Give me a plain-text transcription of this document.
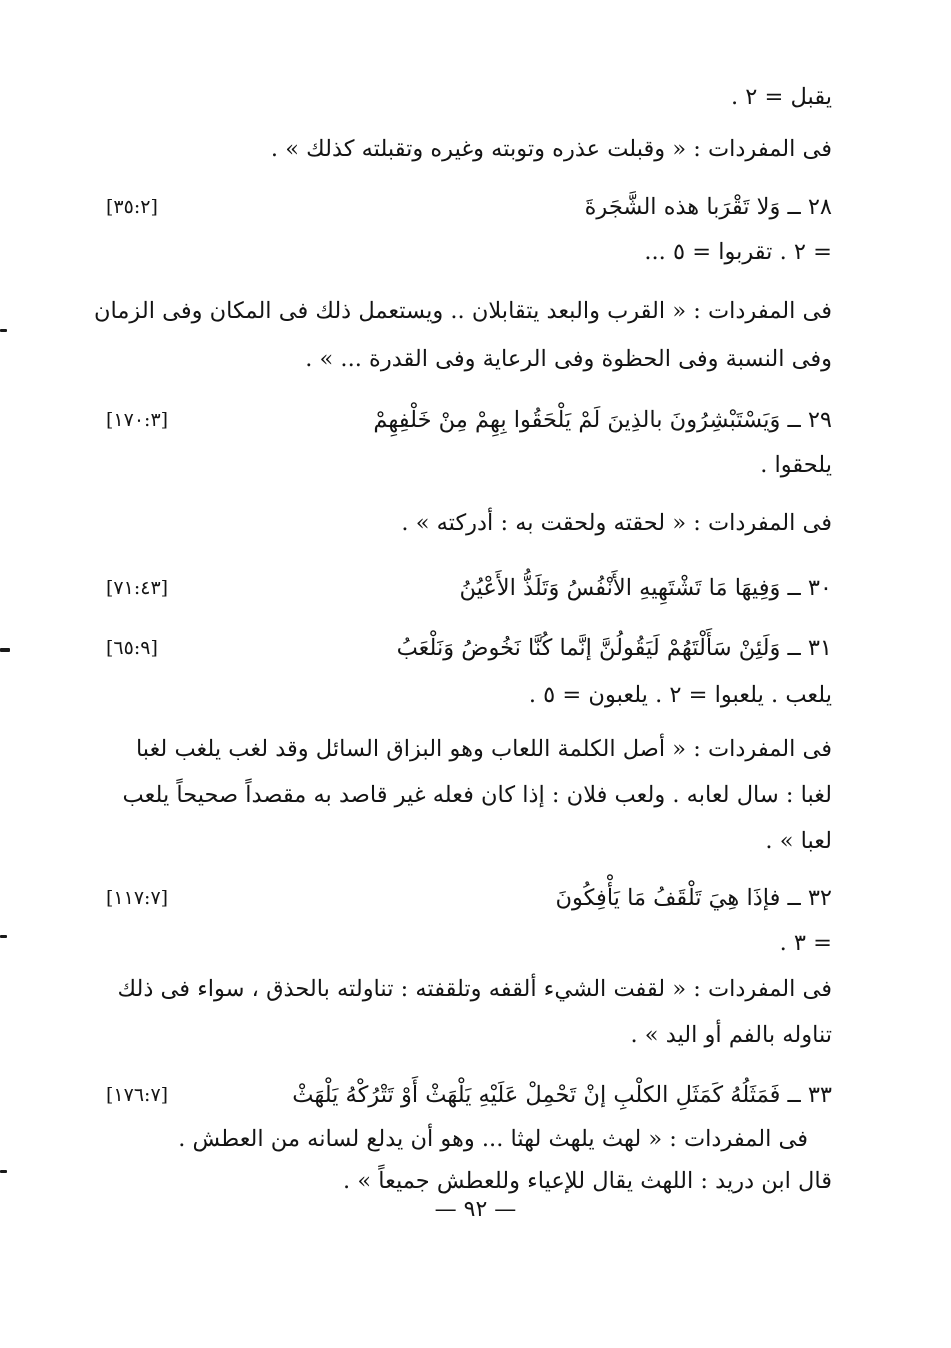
يقبل = ٢ .
فى المفردات : « وقبلت عذره وتوبته وغيره وتقبلته كذلك » .
[٣٥:٢]	٢٨ ــ وَلا تَقْرَبا هذه الشَّجَرةَ
= ٢ . تقربوا = ٥ ...
فى المفردات : « القرب والبعد يتقابلان .. ويستعمل ذلك فى المكان وفى الزمان
وفى النسبة وفى الحظوة وفى الرعاية وفى القدرة ... » .
[١٧٠:٣]	٢٩ ــ وَيَسْتَبْشِرُونَ بالذِينَ لَمْ يَلْحَقُوا بِهِمْ مِنْ خَلْفِهِمْ
يلحقوا .
فى المفردات : « لحقته ولحقت به : أدركته » .
[٧١:٤٣]	٣٠ ــ وَفِيهَا مَا تَشْتَهِيهِ الأَنْفُسُ وَتَلَذُّ الأَعْيُنُ
[٦٥:٩]	٣١ ــ وَلَئِنْ سَأَلْتَهُمْ لَيَقُولُنَّ إنَّما كُنَّا نَخُوضُ وَنَلْعَبُ
يلعب . يلعبوا = ٢ . يلعبون = ٥ .
فى المفردات : « أصل الكلمة اللعاب وهو البزاق السائل وقد لغب يلغب لغبا
لغبا : سال لعابه . ولعب فلان : إذا كان فعله غير قاصد به مقصداً صحيحاً يلعب
لعبا » .
[١١٧:٧]	٣٢ ــ فإذَا هِيَ تَلْقَفُ مَا يَأْفِكُونَ
= ٣ .
فى المفردات : « لقفت الشيء ألقفه وتلقفته : تناولته بالحذق ، سواء فى ذلك
تناوله بالفم أو اليد » .
[١٧٦:٧]	٣٣ ــ فَمَثَلُهُ كَمَثَلِ الكلْبِ إنْ تَحْمِلْ عَلَيْهِ يَلْهَثْ أَوْ تَتْرُكْهُ يَلْهَثْ
فى المفردات : « لهث يلهث لهثا ... وهو أن يدلع لسانه من العطش .
قال ابن دريد : اللهث يقال للإعياء وللعطش جميعاً » .
— ٩٢ —
